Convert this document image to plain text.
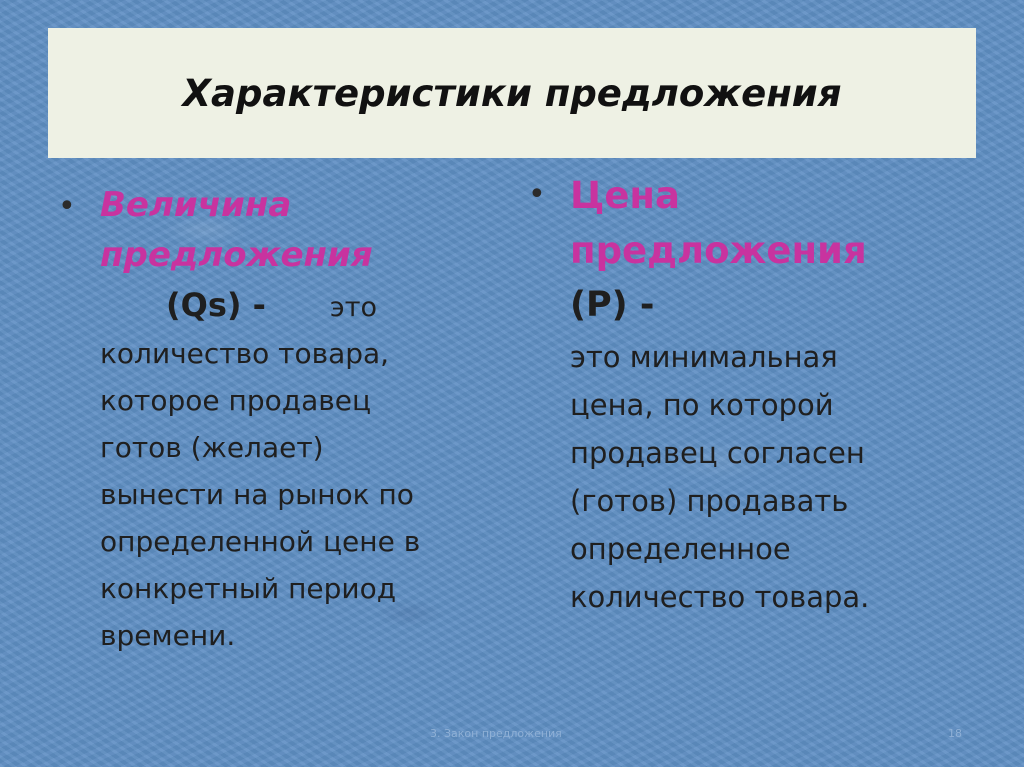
Характеристики предложения
• Величина
предложения
(Qs) - это
количество товара,
которое продавец
готов (желает)
вынести на рынок по
определенной цене в
конкретный период
времени.
• Цена
предложения
(Р) -
это минимальная
цена, по которой
продавец согласен
(готов) продавать
определенное
количество товара.
3. Закон предложения	18
